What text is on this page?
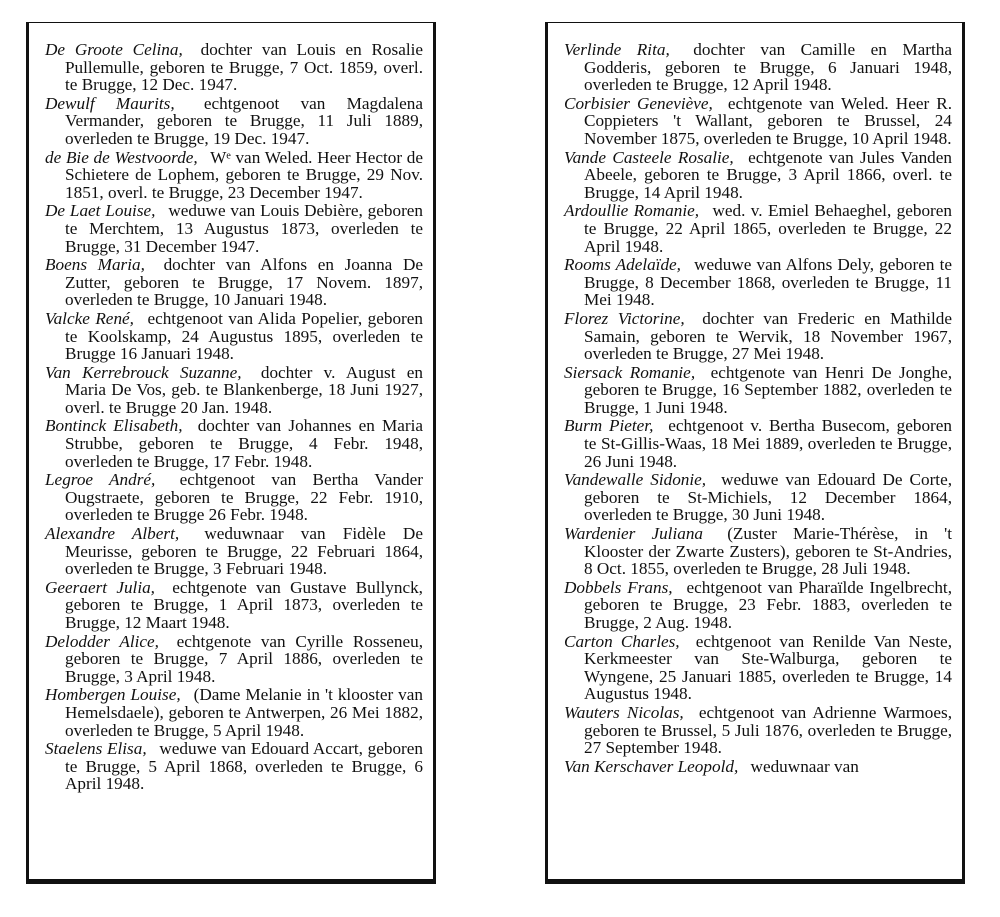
De Groote Celina, dochter van Louis en Rosalie Pullemulle, geboren te Brugge, 7 Oct. 1859, overl. te Brugge, 12 Dec. 1947.

Dewulf Maurits, echtgenoot van Magdalena Vermander, geboren te Brugge, 11 Juli 1889, overleden te Brugge, 19 Dec. 1947.

de Bie de Westvoorde, Wᵉ van Weled. Heer Hector de Schietere de Lophem, geboren te Brugge, 29 Nov. 1851, overl. te Brugge, 23 December 1947.

De Laet Louise, weduwe van Louis Debière, geboren te Merchtem, 13 Augustus 1873, overleden te Brugge, 31 December 1947.

Boens Maria, dochter van Alfons en Joanna De Zutter, geboren te Brugge, 17 Novem. 1897, overleden te Brugge, 10 Januari 1948.

Valcke René, echtgenoot van Alida Popelier, geboren te Koolskamp, 24 Augustus 1895, overleden te Brugge 16 Januari 1948.

Van Kerrebrouck Suzanne, dochter v. August en Maria De Vos, geb. te Blankenberge, 18 Juni 1927, overl. te Brugge 20 Jan. 1948.

Bontinck Elisabeth, dochter van Johannes en Maria Strubbe, geboren te Brugge, 4 Febr. 1948, overleden te Brugge, 17 Febr. 1948.

Legroe André, echtgenoot van Bertha Vander Ougstraete, geboren te Brugge, 22 Febr. 1910, overleden te Brugge 26 Febr. 1948.

Alexandre Albert, weduwnaar van Fidèle De Meurisse, geboren te Brugge, 22 Februari 1864, overleden te Brugge, 3 Februari 1948.

Geeraert Julia, echtgenote van Gustave Bullynck, geboren te Brugge, 1 April 1873, overleden te Brugge, 12 Maart 1948.

Delodder Alice, echtgenote van Cyrille Rosseneu, geboren te Brugge, 7 April 1886, overleden te Brugge, 3 April 1948.

Hombergen Louise, (Dame Melanie in 't klooster van Hemelsdaele), geboren te Antwerpen, 26 Mei 1882, overleden te Brugge, 5 April 1948.

Staelens Elisa, weduwe van Edouard Accart, geboren te Brugge, 5 April 1868, overleden te Brugge, 6 April 1948.

Verlinde Rita, dochter van Camille en Martha Godderis, geboren te Brugge, 6 Januari 1948, overleden te Brugge, 12 April 1948.

Corbisier Geneviève, echtgenote van Weled. Heer R. Coppieters 't Wallant, geboren te Brussel, 24 November 1875, overleden te Brugge, 10 April 1948.

Vande Casteele Rosalie, echtgenote van Jules Vanden Abeele, geboren te Brugge, 3 April 1866, overl. te Brugge, 14 April 1948.

Ardoullie Romanie, wed. v. Emiel Behaeghel, geboren te Brugge, 22 April 1865, overleden te Brugge, 22 April 1948.

Rooms Adelaïde, weduwe van Alfons Dely, geboren te Brugge, 8 December 1868, overleden te Brugge, 11 Mei 1948.

Florez Victorine, dochter van Frederic en Mathilde Samain, geboren te Wervik, 18 November 1967, overleden te Brugge, 27 Mei 1948.

Siersack Romanie, echtgenote van Henri De Jonghe, geboren te Brugge, 16 September 1882, overleden te Brugge, 1 Juni 1948.

Burm Pieter, echtgenoot v. Bertha Busecom, geboren te St-Gillis-Waas, 18 Mei 1889, overleden te Brugge, 26 Juni 1948.

Vandewalle Sidonie, weduwe van Edouard De Corte, geboren te St-Michiels, 12 December 1864, overleden te Brugge, 30 Juni 1948.

Wardenier Juliana (Zuster Marie-Thérèse, in 't Klooster der Zwarte Zusters), geboren te St-Andries, 8 Oct. 1855, overleden te Brugge, 28 Juli 1948.

Dobbels Frans, echtgenoot van Pharaïlde Ingelbrecht, geboren te Brugge, 23 Febr. 1883, overleden te Brugge, 2 Aug. 1948.

Carton Charles, echtgenoot van Renilde Van Neste, Kerkmeester van Ste-Walburga, geboren te Wyngene, 25 Januari 1885, overleden te Brugge, 14 Augustus 1948.

Wauters Nicolas, echtgenoot van Adrienne Warmoes, geboren te Brussel, 5 Juli 1876, overleden te Brugge, 27 September 1948.

Van Kerschaver Leopold, weduwnaar van
